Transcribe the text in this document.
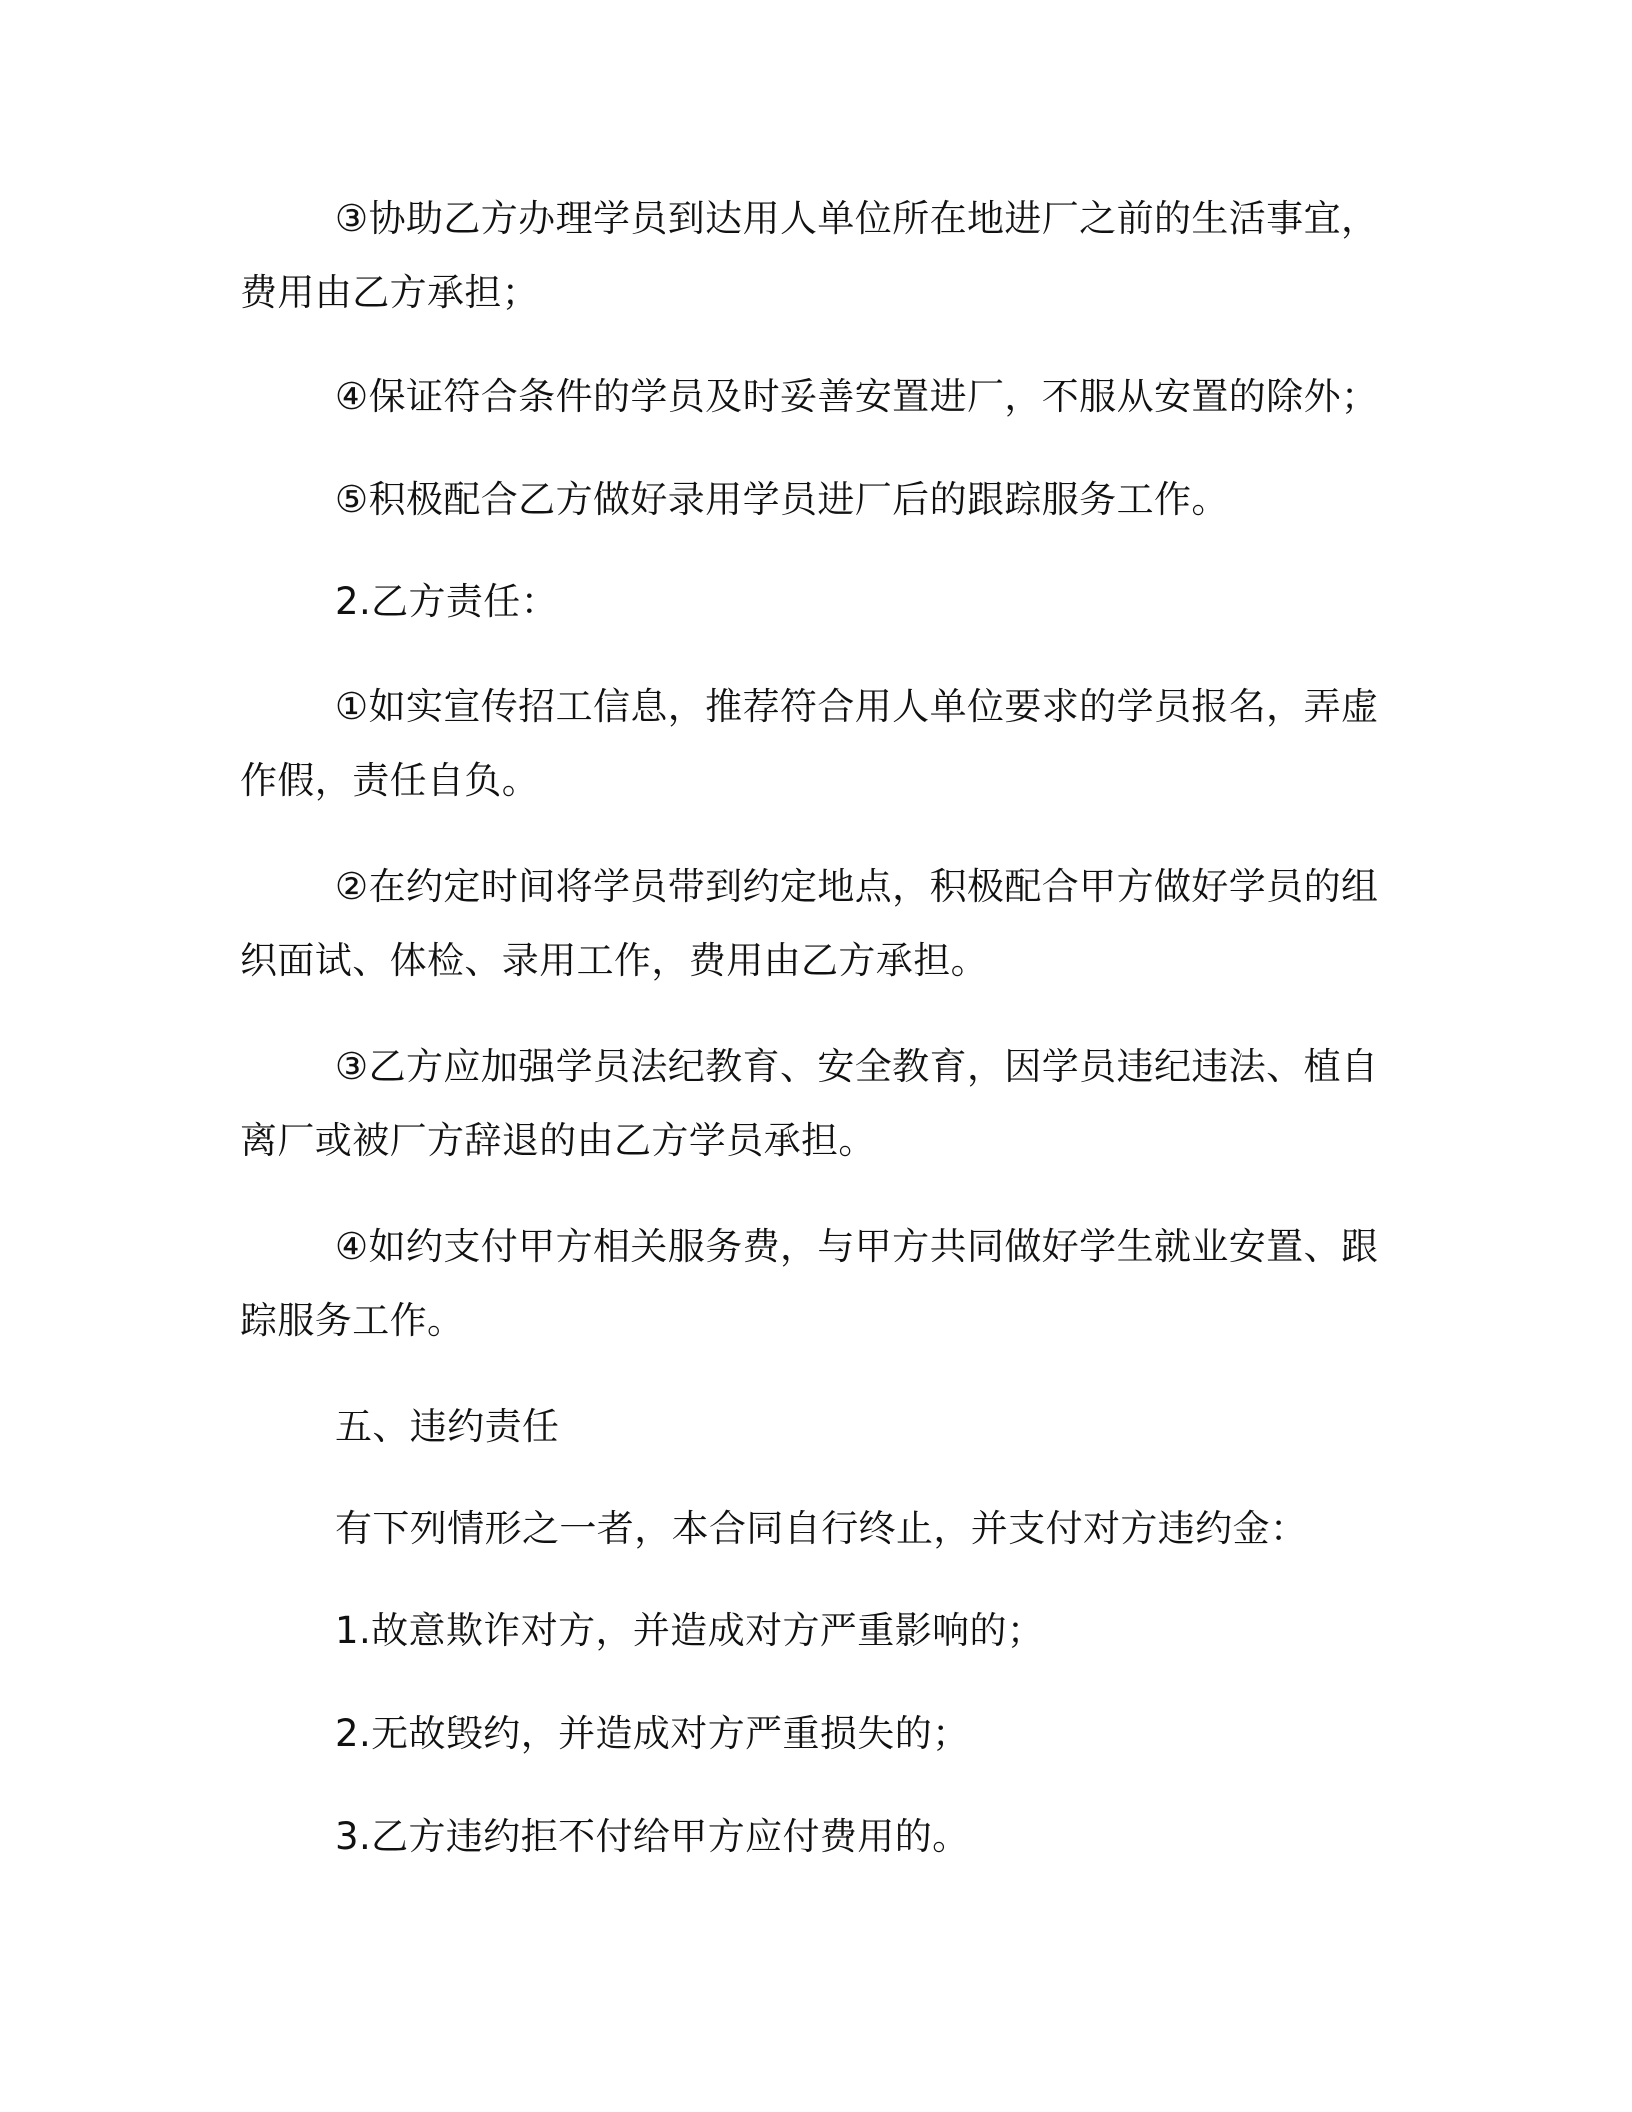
③协助乙方办理学员到达用人单位所在地进厂之前的生活事宜，
费用由乙方承担；
④保证符合条件的学员及时妥善安置进厂，不服从安置的除外；
⑤积极配合乙方做好录用学员进厂后的跟踪服务工作。
2.乙方责任：
①如实宣传招工信息，推荐符合用人单位要求的学员报名，弄虚
作假，责任自负。
②在约定时间将学员带到约定地点，积极配合甲方做好学员的组
织面试、体检、录用工作，费用由乙方承担。
③乙方应加强学员法纪教育、安全教育，因学员违纪违法、植自
离厂或被厂方辞退的由乙方学员承担。
④如约支付甲方相关服务费，与甲方共同做好学生就业安置、跟
踪服务工作。
五、违约责任
有下列情形之一者，本合同自行终止，并支付对方违约金：
1.故意欺诈对方，并造成对方严重影响的；
2.无故毁约，并造成对方严重损失的；
3.乙方违约拒不付给甲方应付费用的。
